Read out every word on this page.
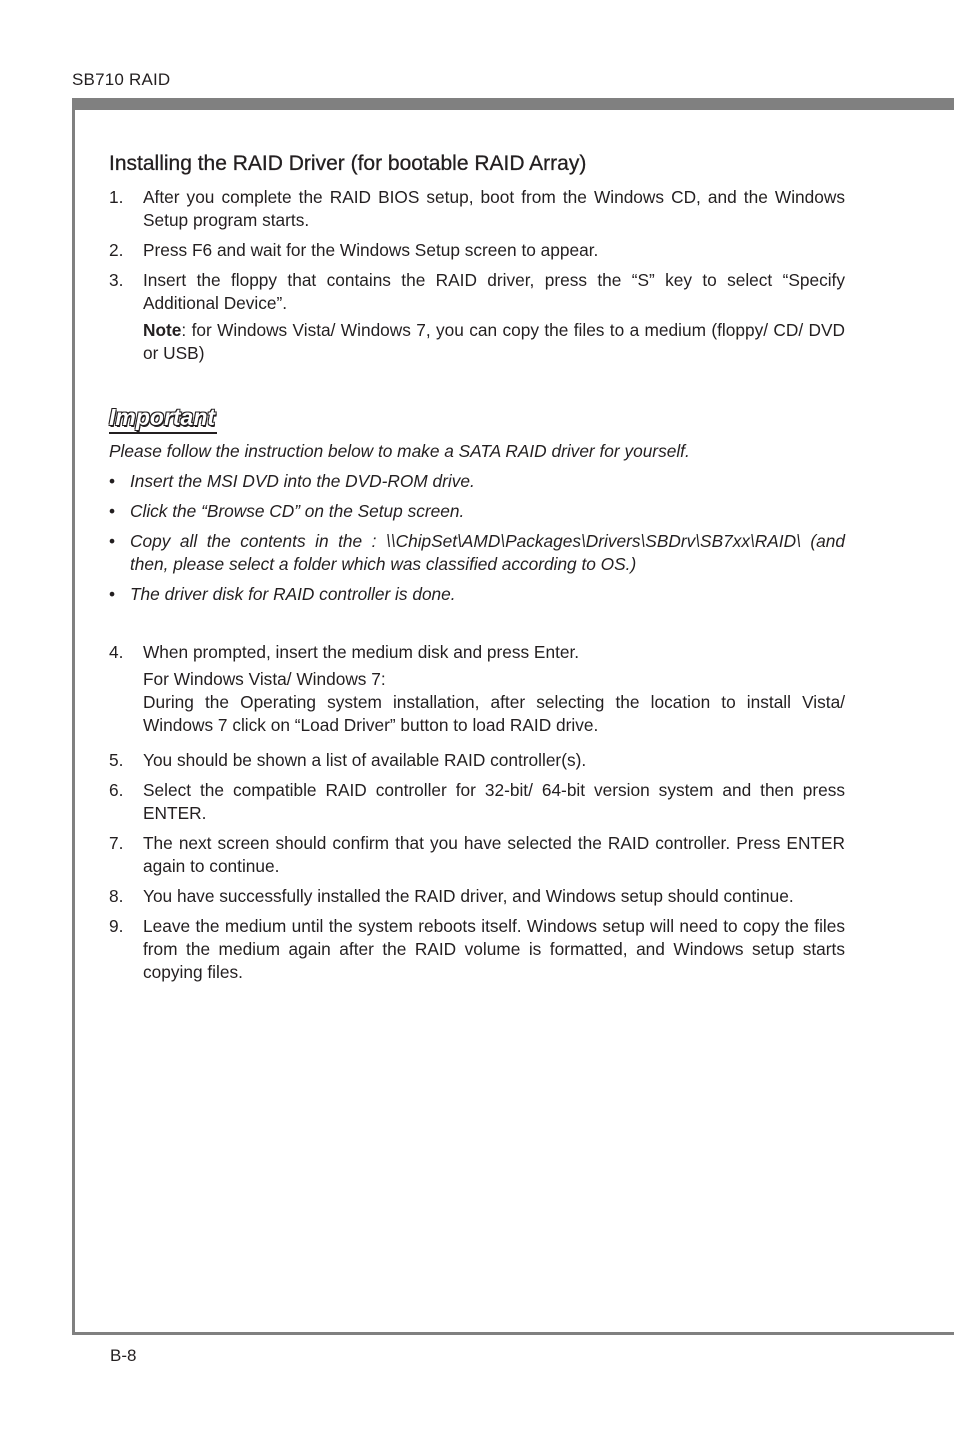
SB710 RAID
Installing the RAID Driver (for bootable RAID Array)
1. After you complete the RAID BIOS setup, boot from the Windows CD, and the Windows Setup program starts.
2. Press F6 and wait for the Windows Setup screen to appear.
3. Insert the floppy that contains the RAID driver, press the “S” key to select “Specify Additional Device”.
Note: for Windows Vista/ Windows 7, you can copy the files to a medium (floppy/ CD/ DVD or USB)
Important
Please follow the instruction below to make a SATA RAID driver for yourself.
• Insert the MSI DVD into the DVD-ROM drive.
• Click the “Browse CD” on the Setup screen.
• Copy all the contents in the : \\ChipSet\AMD\Packages\Drivers\SBDrv\SB7xx\RAID\ (and then, please select a folder which was classified according to OS.)
• The driver disk for RAID controller is done.
4. When prompted, insert the medium disk and press Enter.
For Windows Vista/ Windows 7:
During the Operating system installation, after selecting the location to install Vista/ Windows 7 click on “Load Driver” button to load RAID drive.
5. You should be shown a list of available RAID controller(s).
6. Select the compatible RAID controller for 32-bit/ 64-bit version system and then press ENTER.
7. The next screen should confirm that you have selected the RAID controller. Press ENTER again to continue.
8. You have successfully installed the RAID driver, and Windows setup should continue.
9. Leave the medium until the system reboots itself. Windows setup will need to copy the files from the medium again after the RAID volume is formatted, and Windows setup starts copying files.
B-8
